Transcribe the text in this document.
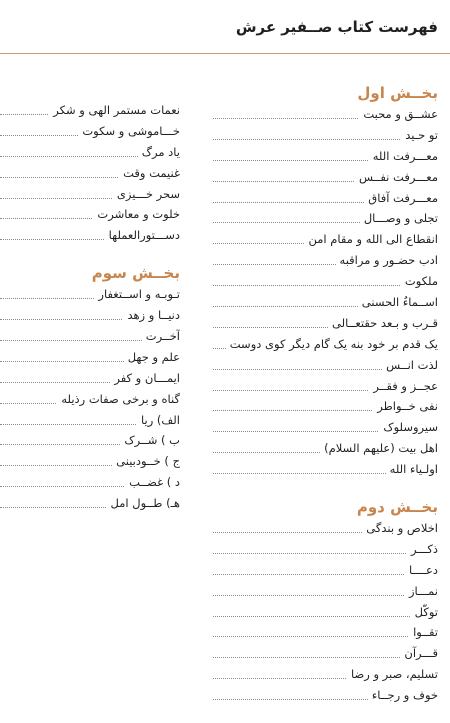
فهرست کتاب صــفیر عرش
بخــش اول
عشــق و محبت
تو حـید
معـــرفت الله
معـــرفت نفــس
معـــرفت آفاق
تجلی و وصـــال
انقطاع الی الله و مقام امن
ادب حضـور و مراقبه
ملکوت
اســماءُ الحسنی
قـرب و بـعد حقتعــالی
یک قدم بر خود بنه یک گام دیگر کوی دوست
لذت انــس
عجــز و فقــر
نفی خــواطر
سیروسلوک
اهل بیت (علیهم السلام)
اولـیاء الله
بخــش دوم
اخلاص و بندگی
ذکـــر
دعــــا
نمـــاز
توکّل
تقــوا
قـــرآن
تسلیم، صبر و رضا
خوف و رجــاء
نعمات مستمر الهی و شکر
خـــاموشی و سکوت
یاد مرگ
غنیمت وقت
سحر خـــیزی
خلوت و معاشرت
دســـتورالعملها
بخــش سوم
تـوبـه و اســتغفار
دنیــا و زهد
آخــرت
علم و جهل
ایمـــان و کفر
گناه و برخی صفات رذیله
الف) ریا
ب ) شــرک
ج ) خــودبینی
د ) غضــب
هـ) طــول امل
